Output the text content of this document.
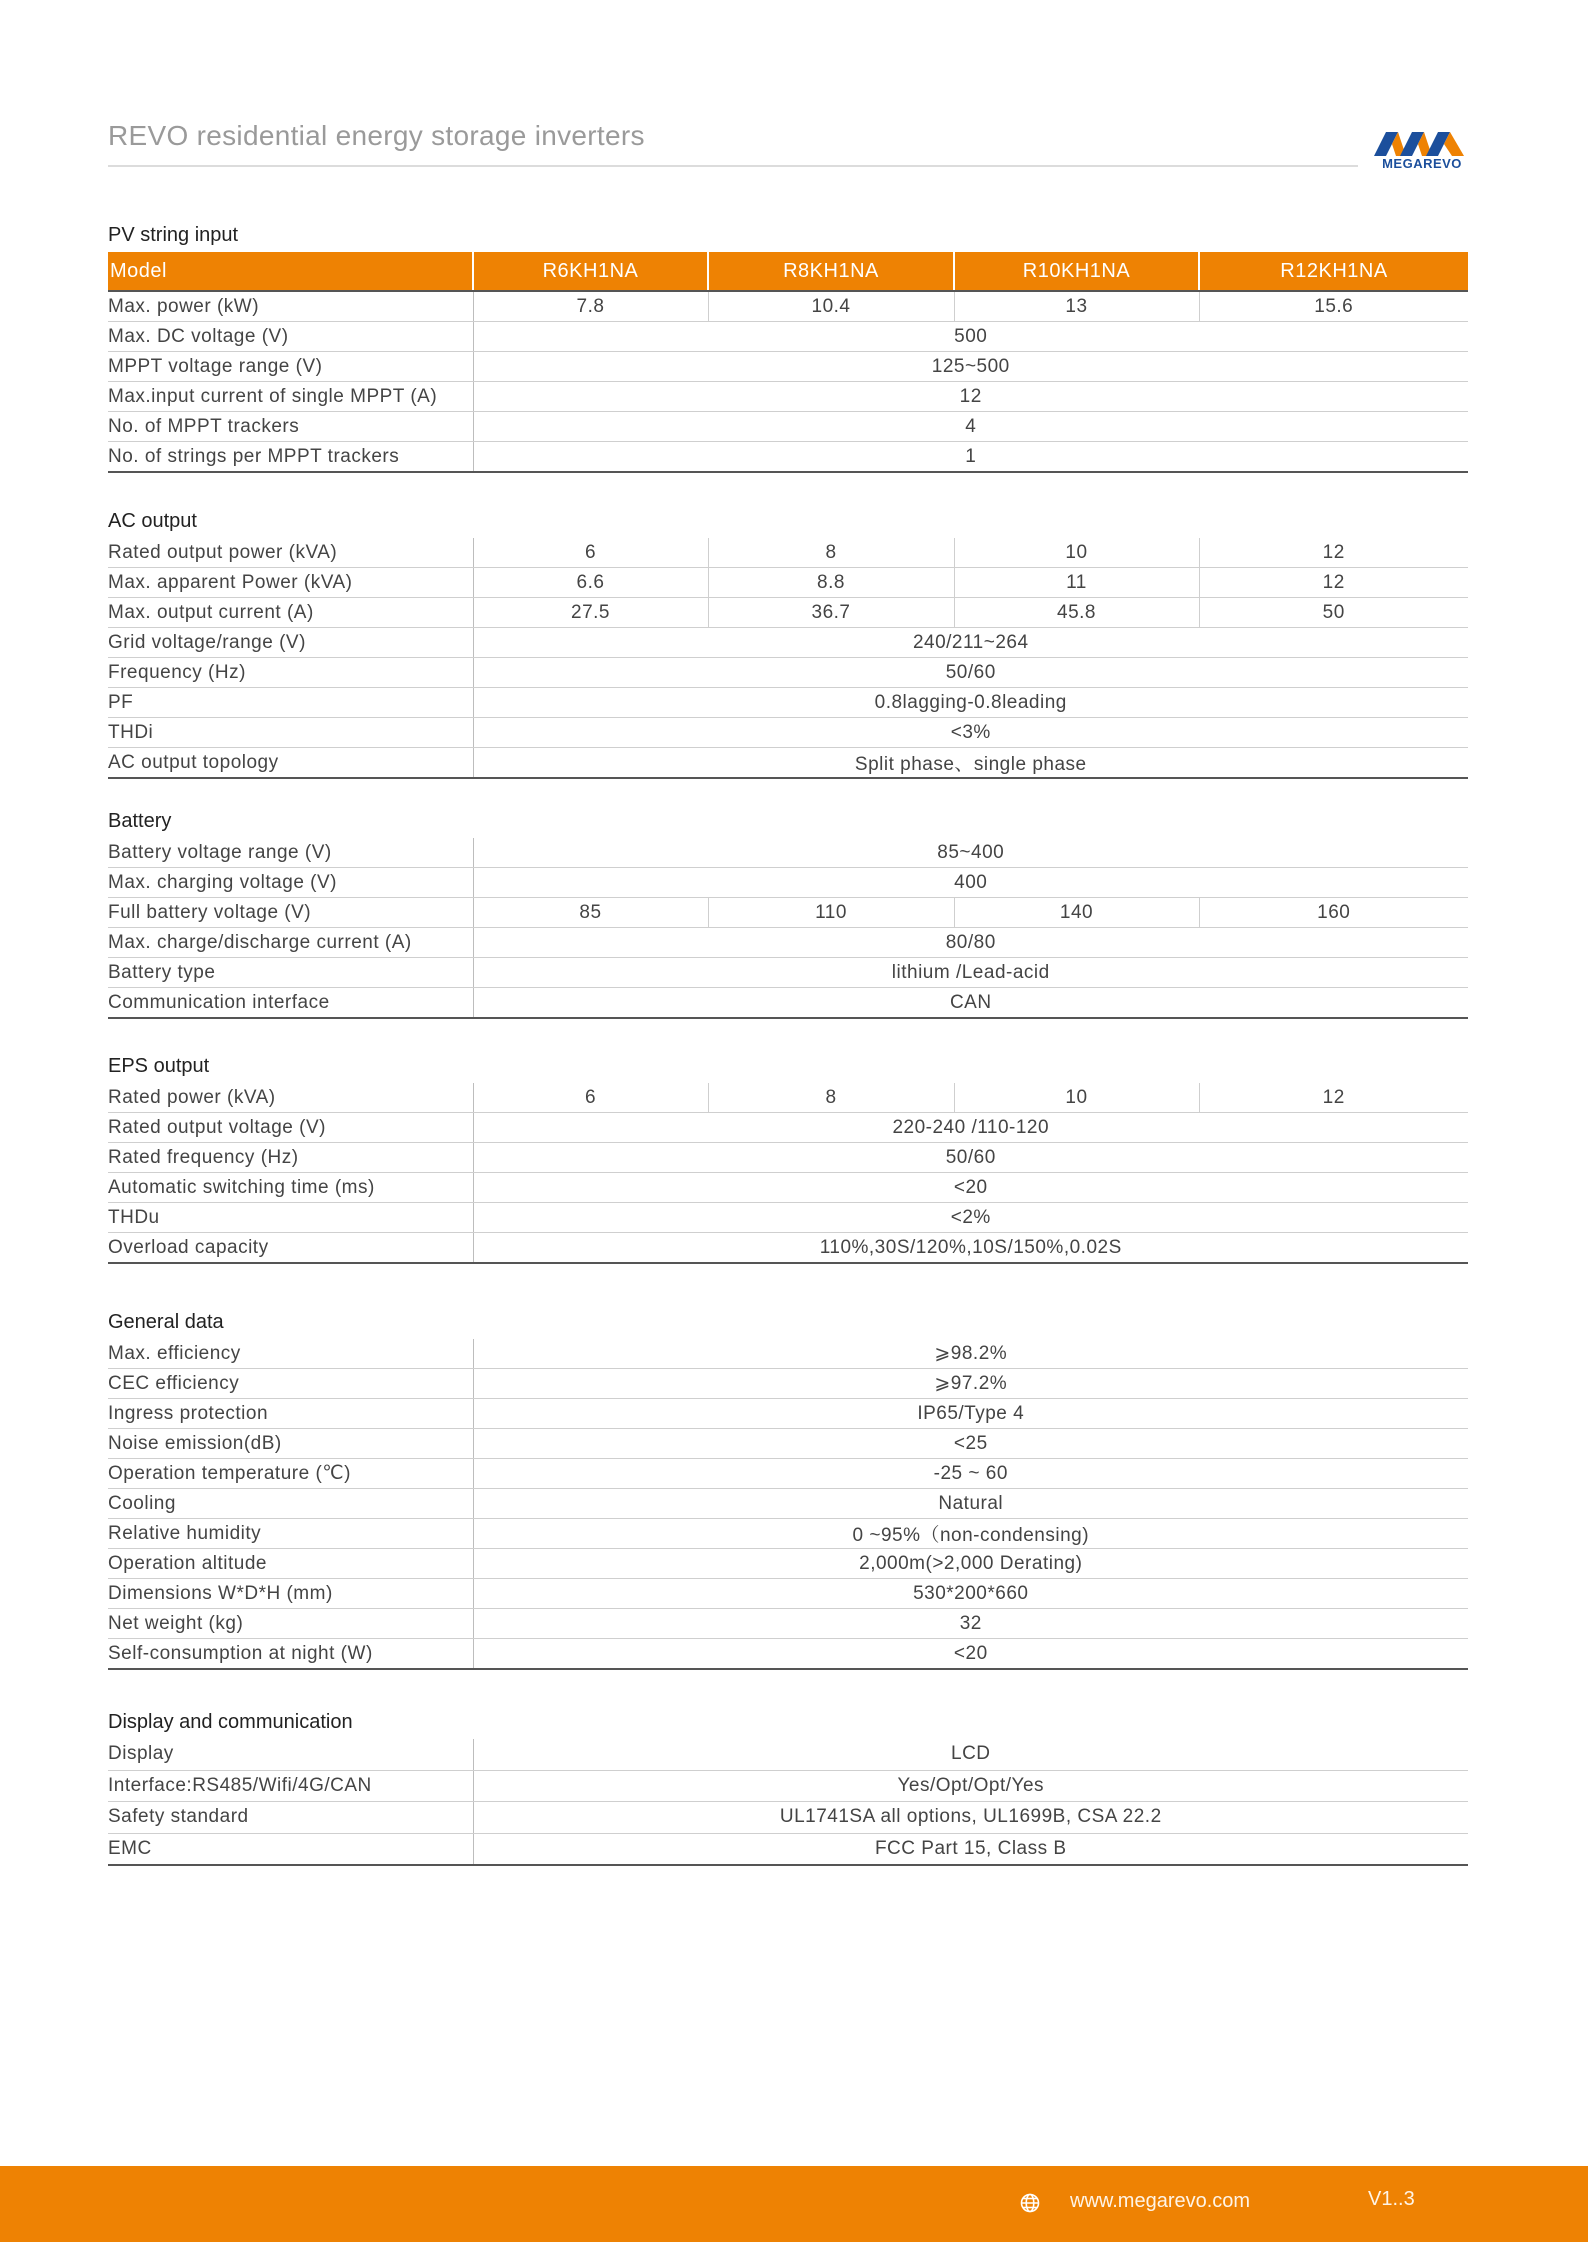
REVO residential energy storage inverters
MEGAREVO
PV string input
Model	R6KH1NA	R8KH1NA	R10KH1NA	R12KH1NA
Max. power (kW)	7.8	10.4	13	15.6
Max. DC voltage (V)	500			
MPPT voltage range (V)	125~500			
Max.input current of single MPPT (A)	12			
No. of MPPT trackers	4			
No. of strings per MPPT trackers	1			
AC output
Rated output power (kVA)	6	8	10	12
Max. apparent Power (kVA)	6.6	8.8	11	12
Max. output current (A)	27.5	36.7	45.8	50
Grid voltage/range (V)	240/211~264			
Frequency (Hz)	50/60			
PF	0.8lagging-0.8leading			
THDi	<3%			
AC output topology	Split phase、single phase			
Battery
Battery voltage range (V)	85~400			
Max. charging voltage (V)	400			
Full battery voltage (V)	85	110	140	160
Max. charge/discharge current (A)	80/80			
Battery type	lithium /Lead-acid			
Communication interface	CAN			
EPS output
Rated power (kVA)	6	8	10	12
Rated output voltage (V)	220-240 /110-120			
Rated frequency (Hz)	50/60			
Automatic switching time (ms)	<20			
THDu	<2%			
Overload capacity	110%,30S/120%,10S/150%,0.02S			
General data
Max. efficiency	⩾98.2%
CEC efficiency	⩾97.2%
Ingress protection	IP65/Type 4
Noise emission(dB)	<25
Operation temperature (℃)	-25 ~ 60
Cooling	Natural
Relative humidity	0 ~95%（non-condensing)
Operation altitude	2,000m(>2,000 Derating)
Dimensions W*D*H (mm)	530*200*660
Net weight (kg)	32
Self-consumption at night (W)	<20
Display and communication
Display	LCD
Interface:RS485/Wifi/4G/CAN	Yes/Opt/Opt/Yes
Safety standard	UL1741SA all options, UL1699B, CSA 22.2
EMC	FCC Part 15, Class B
www.megarevo.com	V1..3
